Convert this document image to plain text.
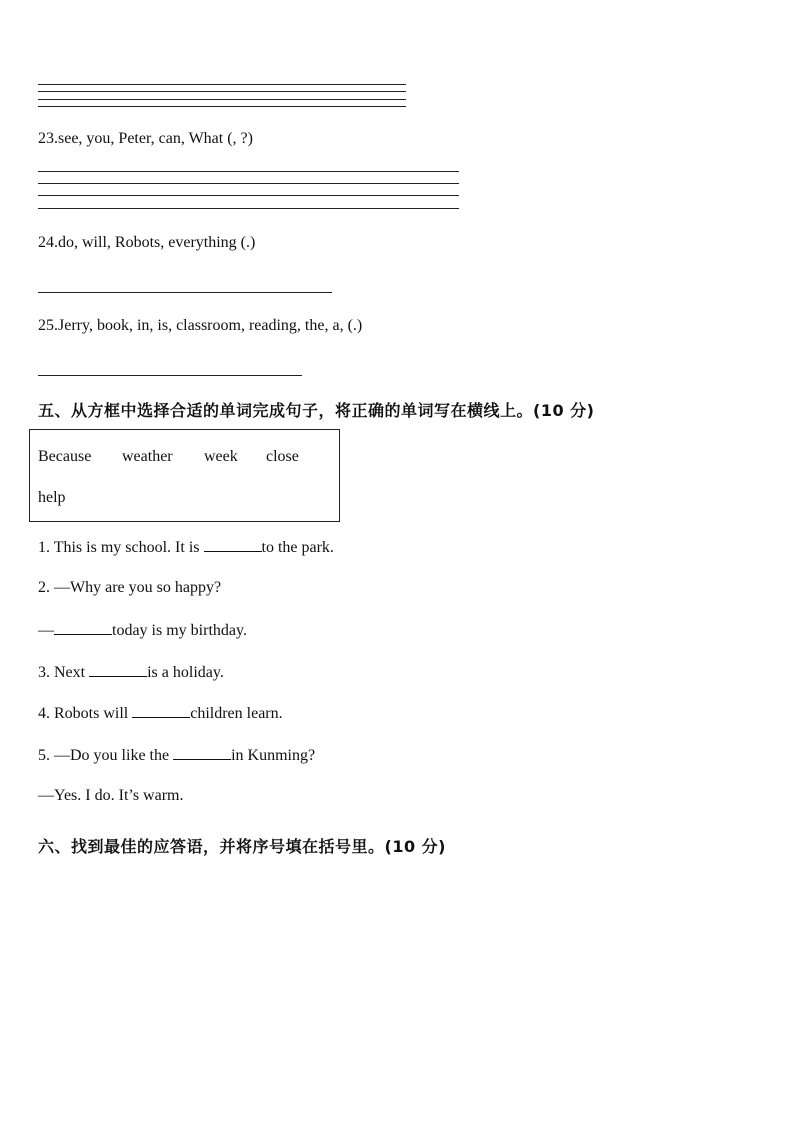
23.see, you, Peter, can, What (, ?)
24.do, will, Robots, everything (.)
25.Jerry, book, in, is, classroom, reading, the, a, (.)
五、从方框中选择合适的单词完成句子，将正确的单词写在横线上。(10 分)
Because weather week close
help
1. This is my school. It is	to the park.
2. —Why are you so happy?
—	today is my birthday.
3. Next	is a holiday.
4. Robots will	children learn.
5. —Do you like the	in Kunming?
—Yes. I do. It’s warm.
六、找到最佳的应答语，并将序号填在括号里。(10 分)
